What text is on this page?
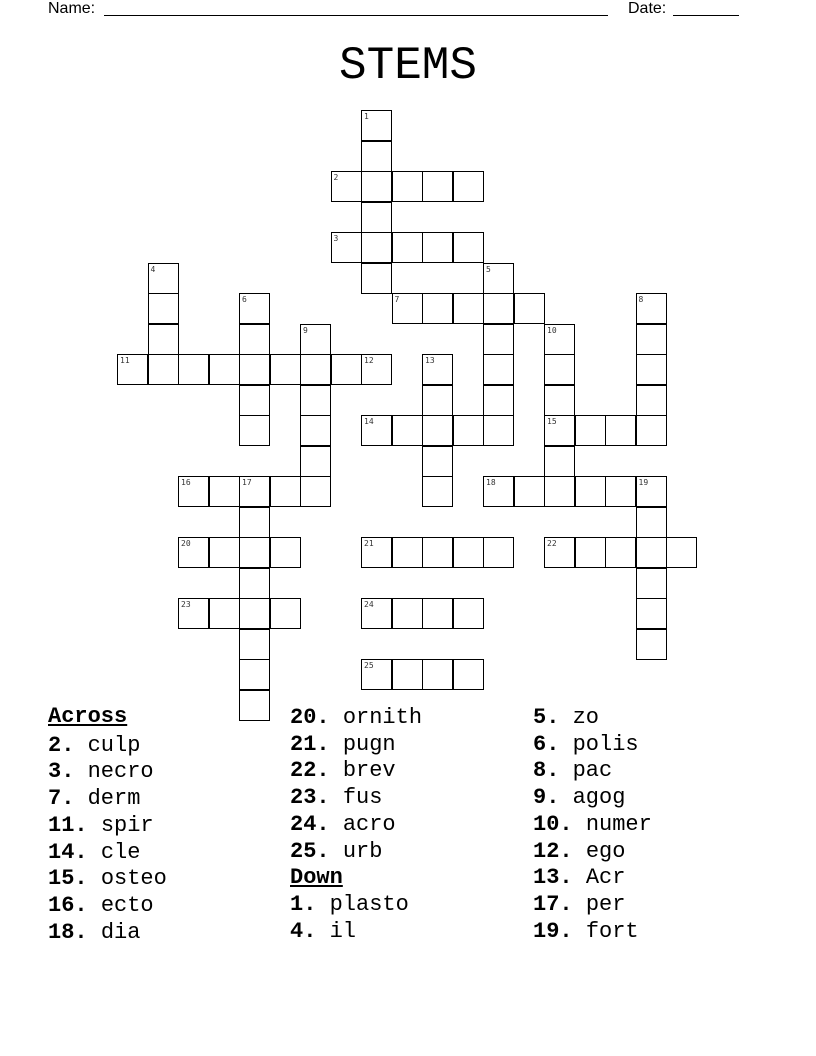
Name:	Date:
STEMS
1
2
3
4	5
6	7	8
9	10
15
11	12	13
14
16	17	18	19
20	21	22
23	24
25
Across
2. culp
3. necro
7. derm
11. spir
14. cle
15. osteo
16. ecto
18. dia
20. ornith
21. pugn
22. brev
23. fus
24. acro
25. urb
Down
1. plasto
4. il
5. zo
6. polis
8. pac
9. agog
10. numer
12. ego
13. Acr
17. per
19. fort
